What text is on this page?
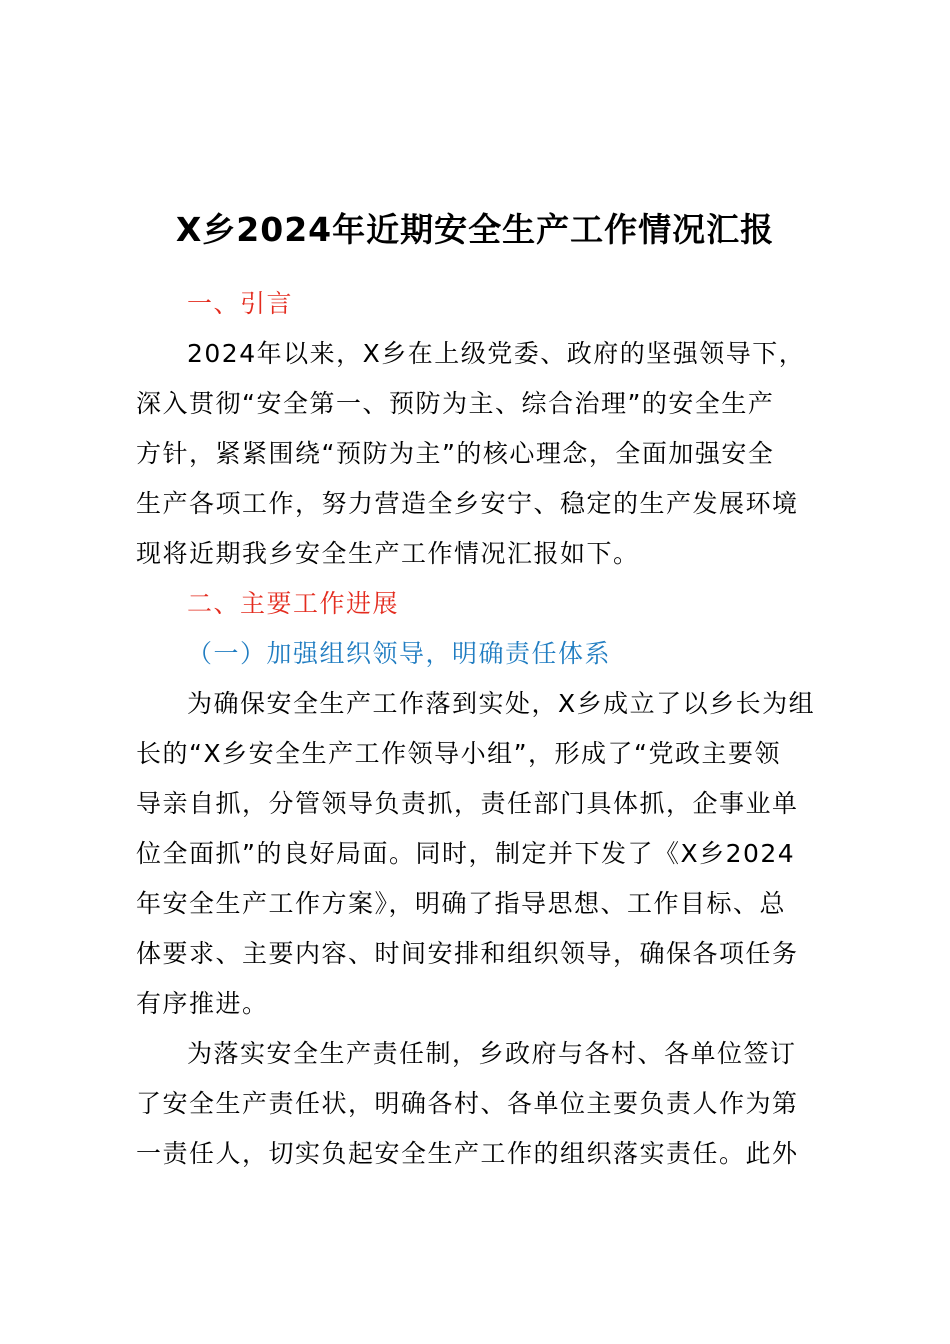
X乡2024年近期安全生产工作情况汇报
一、引言
2024年以来，X乡在上级党委、政府的坚强领导下，
深入贯彻“安全第一、预防为主、综合治理”的安全生产
方针，紧紧围绕“预防为主”的核心理念，全面加强安全
生产各项工作，努力营造全乡安宁、稳定的生产发展环境
现将近期我乡安全生产工作情况汇报如下。
二、主要工作进展
（一）加强组织领导，明确责任体系
为确保安全生产工作落到实处，X乡成立了以乡长为组
长的“X乡安全生产工作领导小组”，形成了“党政主要领
导亲自抓，分管领导负责抓，责任部门具体抓，企事业单
位全面抓”的良好局面。同时，制定并下发了《X乡2024
年安全生产工作方案》，明确了指导思想、工作目标、总
体要求、主要内容、时间安排和组织领导，确保各项任务
有序推进。
为落实安全生产责任制，乡政府与各村、各单位签订
了安全生产责任状，明确各村、各单位主要负责人作为第
一责任人，切实负起安全生产工作的组织落实责任。此外
